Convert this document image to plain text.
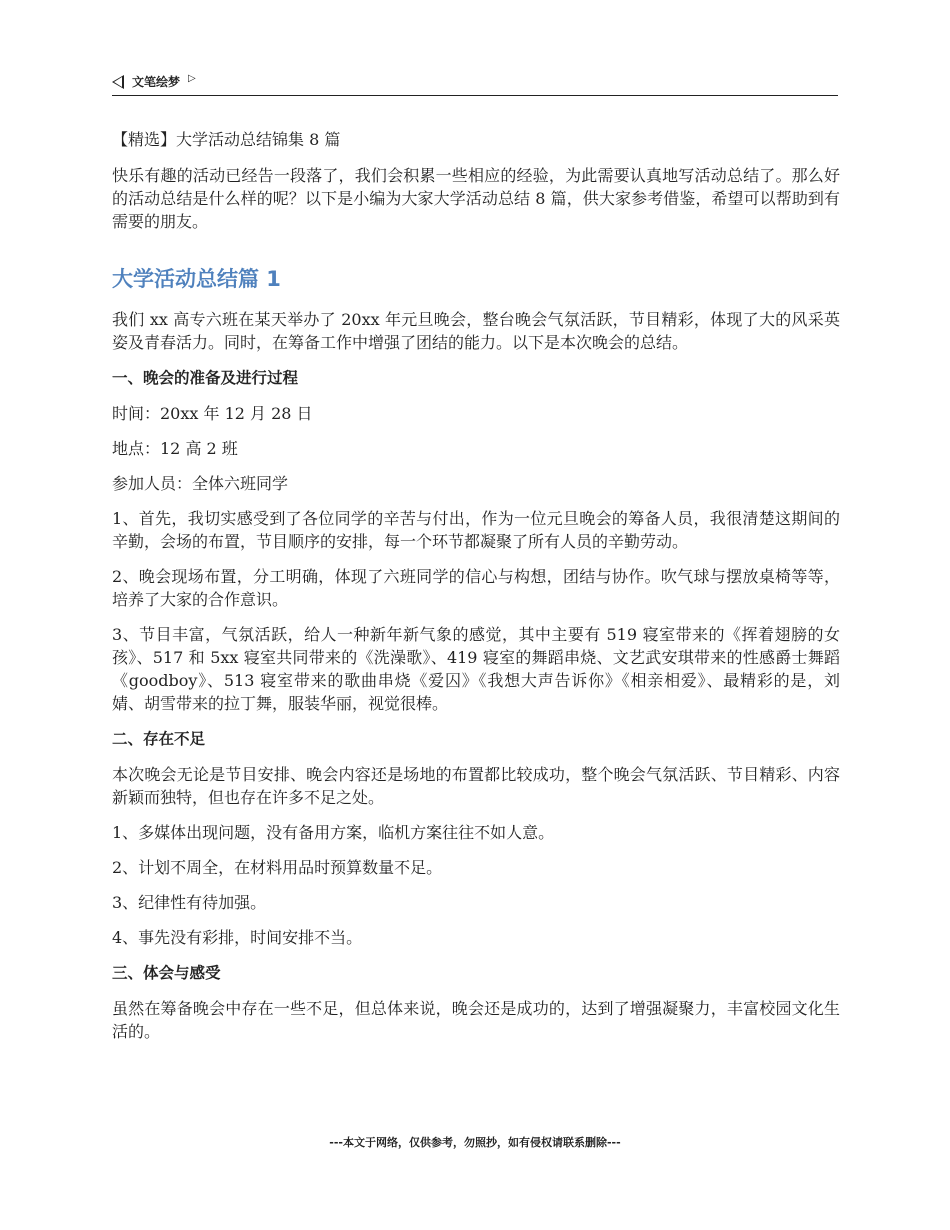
文笔绘梦 ▷

【精选】大学活动总结锦集 8 篇

快乐有趣的活动已经告一段落了，我们会积累一些相应的经验，为此需要认真地写活动总结了。那么好的活动总结是什么样的呢？以下是小编为大家大学活动总结 8 篇，供大家参考借鉴，希望可以帮助到有需要的朋友。

大学活动总结篇 1

我们 xx 高专六班在某天举办了 20xx 年元旦晚会，整台晚会气氛活跃，节目精彩，体现了大的风采英姿及青春活力。同时，在筹备工作中增强了团结的能力。以下是本次晚会的总结。

一、晚会的准备及进行过程

时间：20xx 年 12 月 28 日

地点：12 高 2 班

参加人员：全体六班同学

1、首先，我切实感受到了各位同学的辛苦与付出，作为一位元旦晚会的筹备人员，我很清楚这期间的辛勤，会场的布置，节目顺序的安排，每一个环节都凝聚了所有人员的辛勤劳动。

2、晚会现场布置，分工明确，体现了六班同学的信心与构想，团结与协作。吹气球与摆放桌椅等等，培养了大家的合作意识。

3、节目丰富，气氛活跃，给人一种新年新气象的感觉，其中主要有 519 寝室带来的《挥着翅膀的女孩》、517 和 5xx 寝室共同带来的《洗澡歌》、419 寝室的舞蹈串烧、文艺武安琪带来的性感爵士舞蹈《goodboy》、513 寝室带来的歌曲串烧《爱囚》《我想大声告诉你》《相亲相爱》、最精彩的是，刘婧、胡雪带来的拉丁舞，服装华丽，视觉很棒。

二、存在不足

本次晚会无论是节目安排、晚会内容还是场地的布置都比较成功，整个晚会气氛活跃、节目精彩、内容新颖而独特，但也存在许多不足之处。

1、多媒体出现问题，没有备用方案，临机方案往往不如人意。

2、计划不周全，在材料用品时预算数量不足。

3、纪律性有待加强。

4、事先没有彩排，时间安排不当。

三、体会与感受

虽然在筹备晚会中存在一些不足，但总体来说，晚会还是成功的，达到了增强凝聚力，丰富校园文化生活的。

---本文于网络，仅供参考，勿照抄，如有侵权请联系删除---
